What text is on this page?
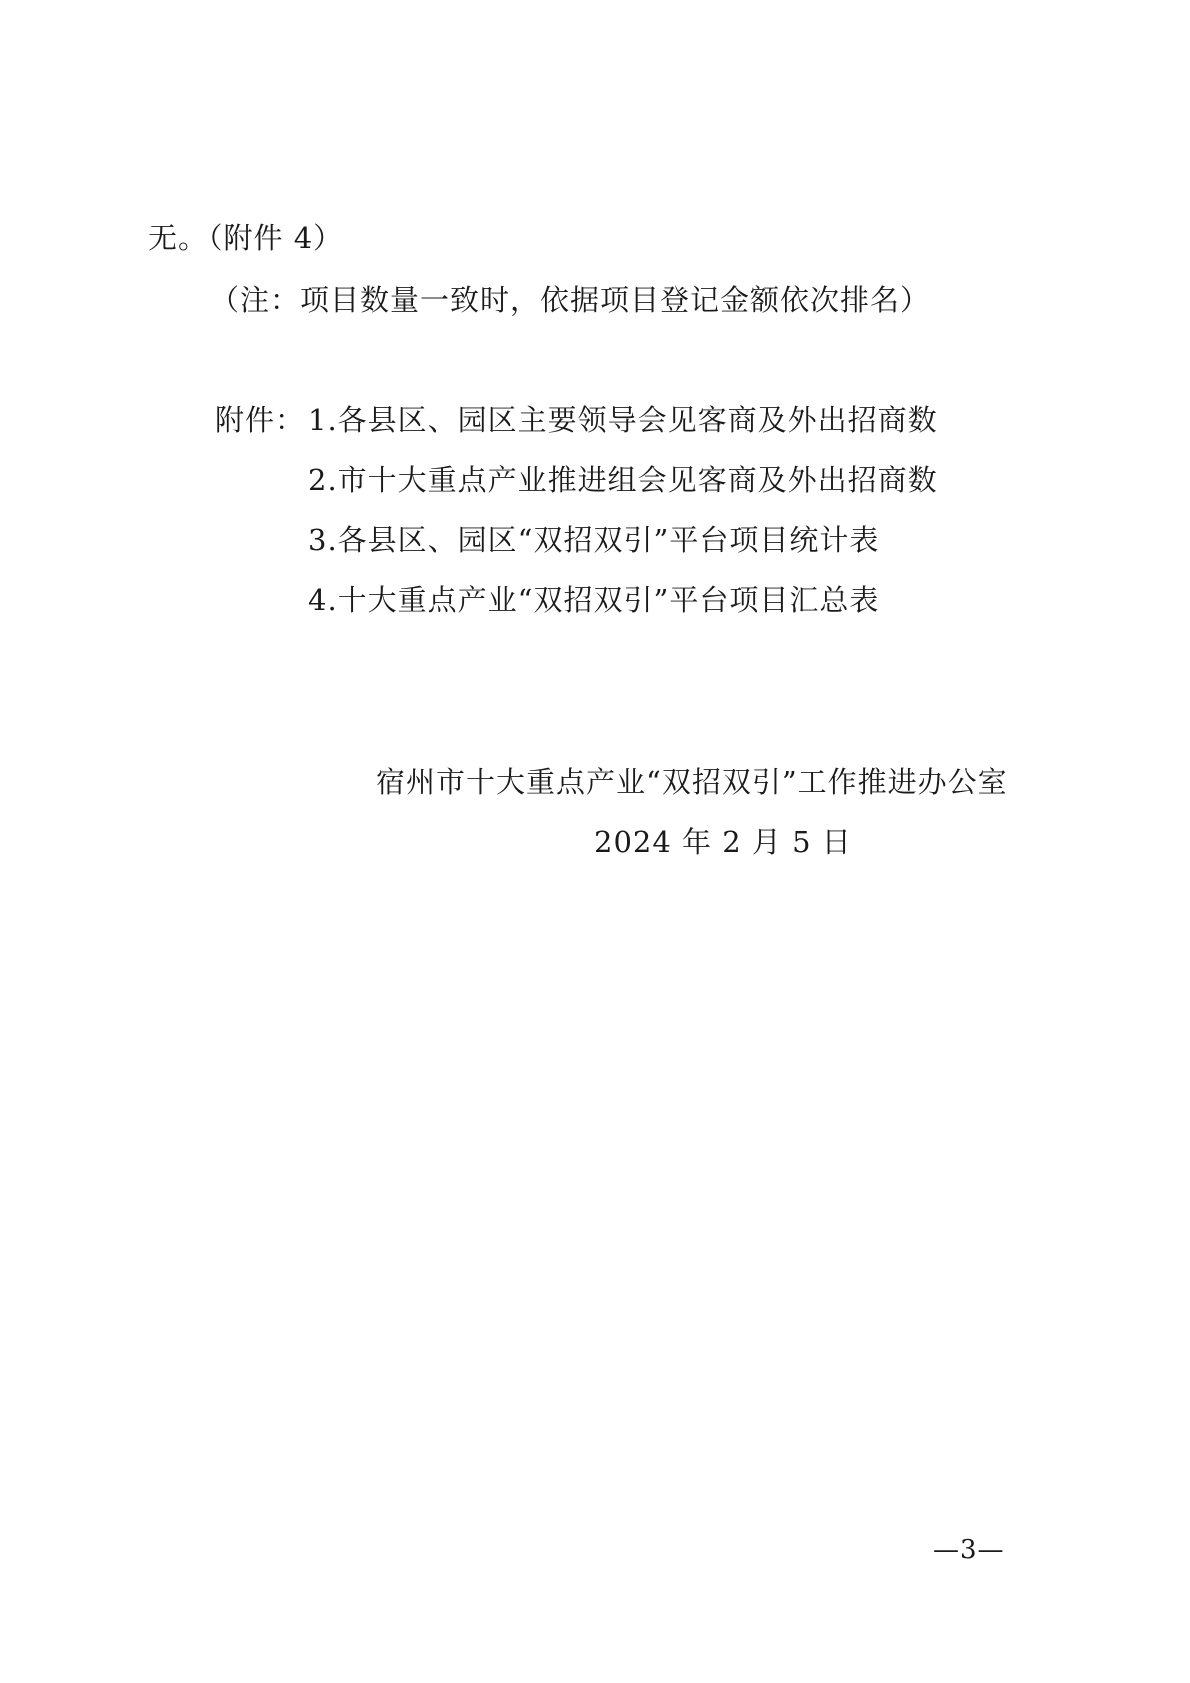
无。（附件 4）
（注：项目数量一致时，依据项目登记金额依次排名）
附件： 1.各县区、园区主要领导会见客商及外出招商数
2.市十大重点产业推进组会见客商及外出招商数
3.各县区、园区“双招双引”平台项目统计表
4.十大重点产业“双招双引”平台项目汇总表
宿州市十大重点产业“双招双引”工作推进办公室
2024 年 2 月 5 日
—3—
